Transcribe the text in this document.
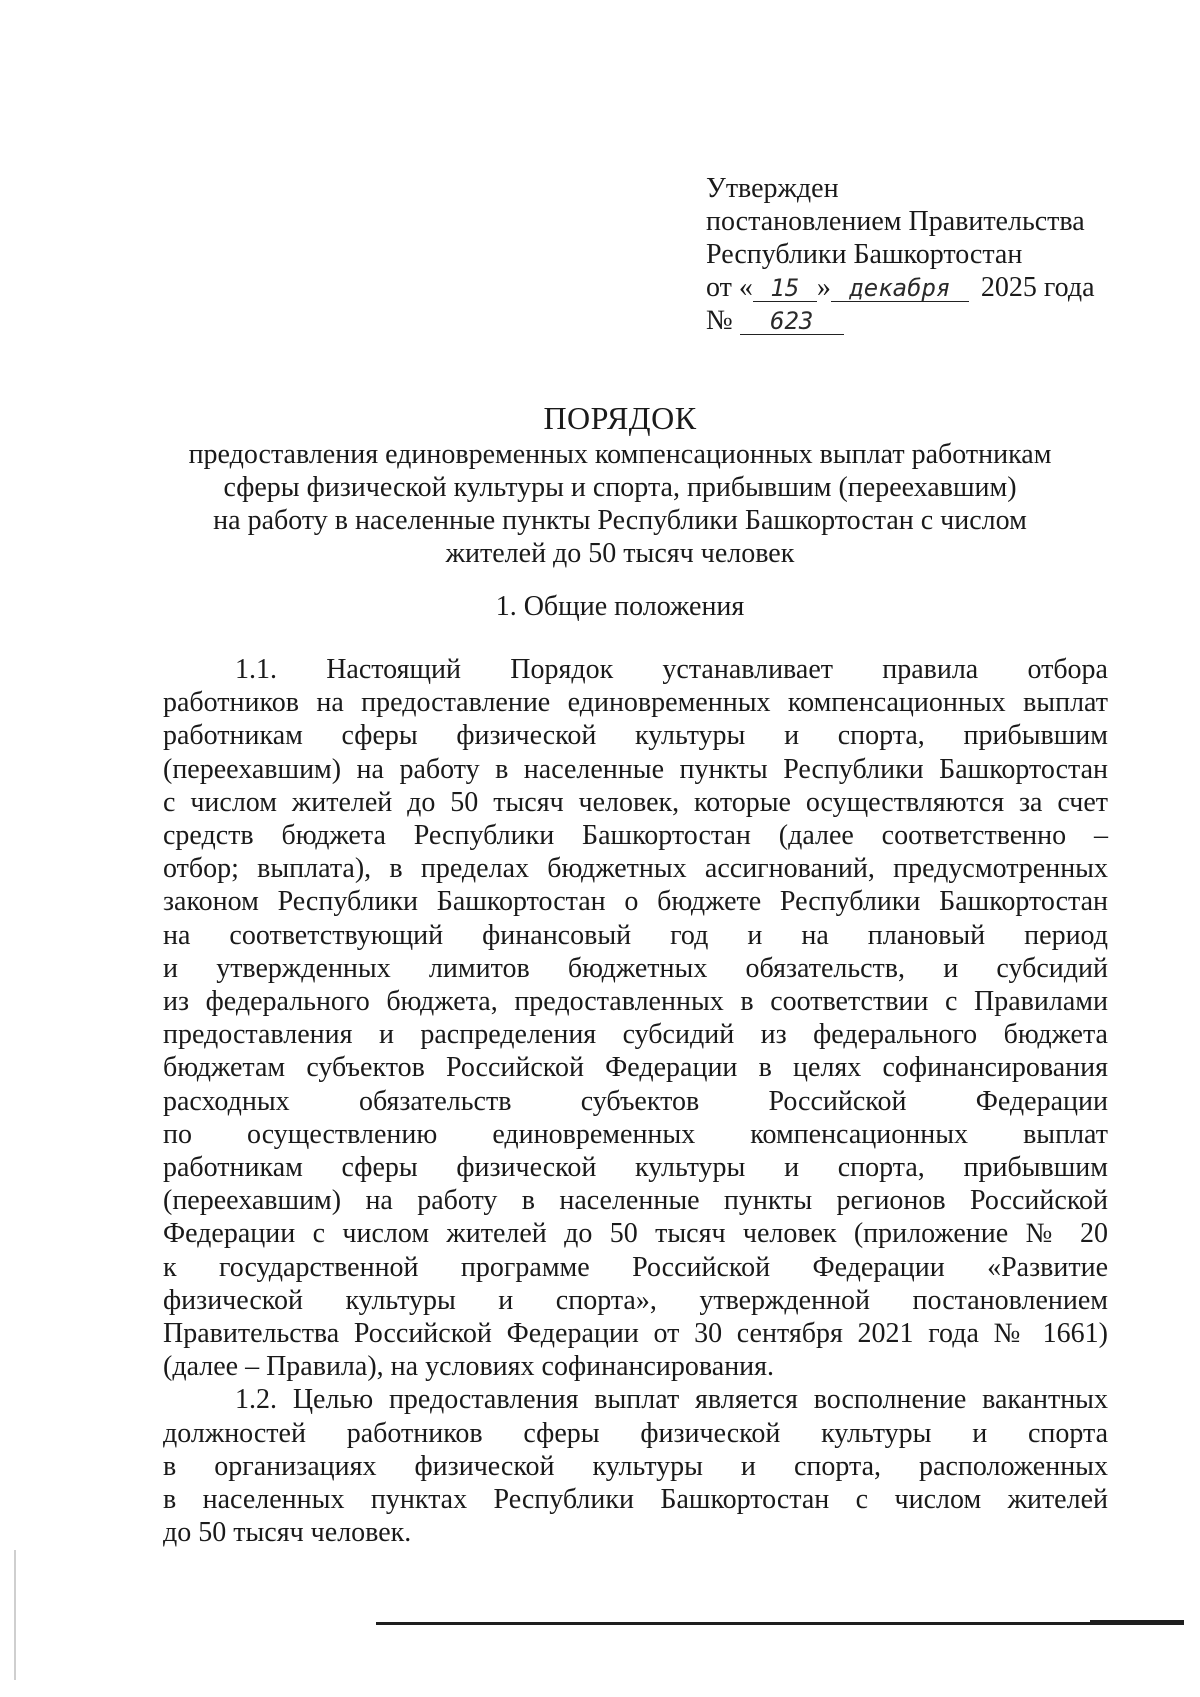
Утвержден
постановлением Правительства
Республики Башкортостан
от « 15 » декабря 2025 года
№ 623
ПОРЯДОК
предоставления единовременных компенсационных выплат работникам
сферы физической культуры и спорта, прибывшим (переехавшим)
на работу в населенные пункты Республики Башкортостан с числом
жителей до 50 тысяч человек
1. Общие положения
1.1. Настоящий Порядок устанавливает правила отбора
работников на предоставление единовременных компенсационных выплат
работникам сферы физической культуры и спорта, прибывшим
(переехавшим) на работу в населенные пункты Республики Башкортостан
с числом жителей до 50 тысяч человек, которые осуществляются за счет
средств бюджета Республики Башкортостан (далее соответственно –
отбор; выплата), в пределах бюджетных ассигнований, предусмотренных
законом Республики Башкортостан о бюджете Республики Башкортостан
на соответствующий финансовый год и на плановый период
и утвержденных лимитов бюджетных обязательств, и субсидий
из федерального бюджета, предоставленных в соответствии с Правилами
предоставления и распределения субсидий из федерального бюджета
бюджетам субъектов Российской Федерации в целях софинансирования
расходных обязательств субъектов Российской Федерации
по осуществлению единовременных компенсационных выплат
работникам сферы физической культуры и спорта, прибывшим
(переехавшим) на работу в населенные пункты регионов Российской
Федерации с числом жителей до 50 тысяч человек (приложение № 20
к государственной программе Российской Федерации «Развитие
физической культуры и спорта», утвержденной постановлением
Правительства Российской Федерации от 30 сентября 2021 года № 1661)
(далее – Правила), на условиях софинансирования.
1.2. Целью предоставления выплат является восполнение вакантных
должностей работников сферы физической культуры и спорта
в организациях физической культуры и спорта, расположенных
в населенных пунктах Республики Башкортостан с числом жителей
до 50 тысяч человек.
